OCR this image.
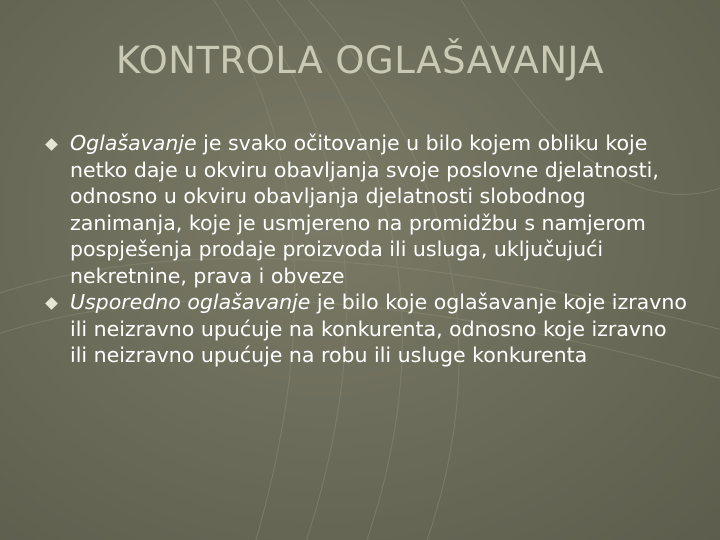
KONTROLA OGLAŠAVANJA
Oglašavanje je svako očitovanje u bilo kojem obliku koje netko daje u okviru obavljanja svoje poslovne djelatnosti, odnosno u okviru obavljanja djelatnosti slobodnog zanimanja, koje je usmjereno na promidžbu s namjerom pospješenja prodaje proizvoda ili usluga, uključujući nekretnine, prava i obveze
Usporedno oglašavanje je bilo koje oglašavanje koje izravno ili neizravno upućuje na konkurenta, odnosno koje izravno ili neizravno upućuje na robu ili usluge konkurenta
